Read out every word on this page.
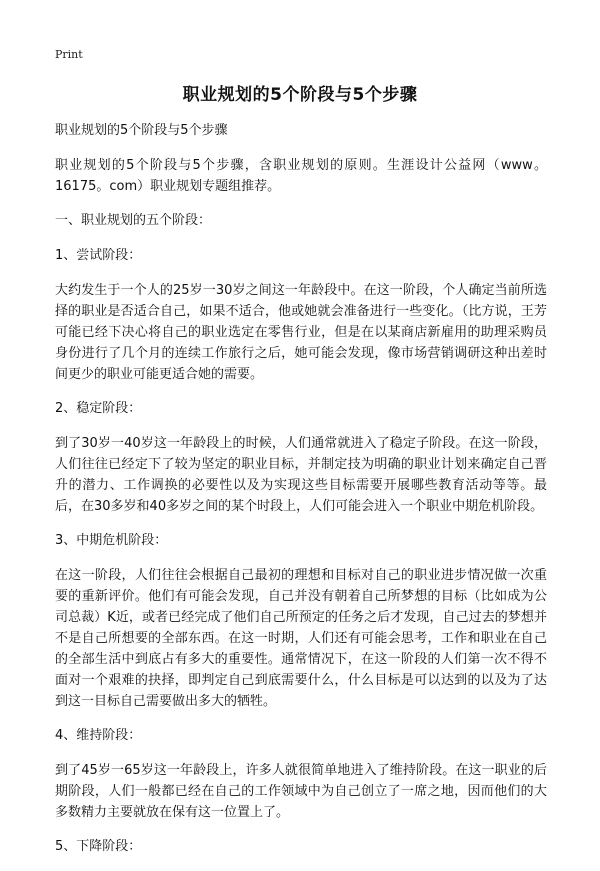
Print
职业规划的5个阶段与5个步骤

职业规划的5个阶段与5个步骤

职业规划的5个阶段与5个步骤，含职业规划的原则。生涯设计公益网（www。16175。com）职业规划专题组推荐。

一、职业规划的五个阶段：

1、尝试阶段：

大约发生于一个人的25岁一30岁之间这一年龄段中。在这一阶段，个人确定当前所选择的职业是否适合自己，如果不适合，他或她就会准备进行一些变化。（比方说，王芳可能已经下决心将自己的职业选定在零售行业，但是在以某商店新雇用的助理采购员身份进行了几个月的连续工作旅行之后，她可能会发现，像市场营销调研这种出差时间更少的职业可能更适合她的需要。

2、稳定阶段：

到了30岁一40岁这一年龄段上的时候，人们通常就进入了稳定子阶段。在这一阶段，人们往往已经定下了较为坚定的职业目标，并制定技为明确的职业计划来确定自己晋升的潜力、工作调换的必要性以及为实现这些目标需要开展哪些教育活动等等。最后，在30多岁和40多岁之间的某个时段上，人们可能会进入一个职业中期危机阶段。

3、中期危机阶段：

在这一阶段，人们往往会根据自己最初的理想和目标对自己的职业进步情况做一次重要的重新评价。他们有可能会发现，自己并没有朝着自己所梦想的目标（比如成为公司总裁）K近，或者已经完成了他们自己所预定的任务之后才发现，自己过去的梦想并不是自己所想要的全部东西。在这一时期，人们还有可能会思考，工作和职业在自己的全部生活中到底占有多大的重要性。通常情况下，在这一阶段的人们第一次不得不面对一个艰难的抉择，即判定自己到底需要什么，什么目标是可以达到的以及为了达到这一目标自己需要做出多大的牺牲。

4、维持阶段：

到了45岁一65岁这一年龄段上，许多人就很简单地进入了维持阶段。在这一职业的后期阶段，人们一般都已经在自己的工作领域中为自己创立了一席之地，因而他们的大多数精力主要就放在保有这一位置上了。

5、下降阶段：
